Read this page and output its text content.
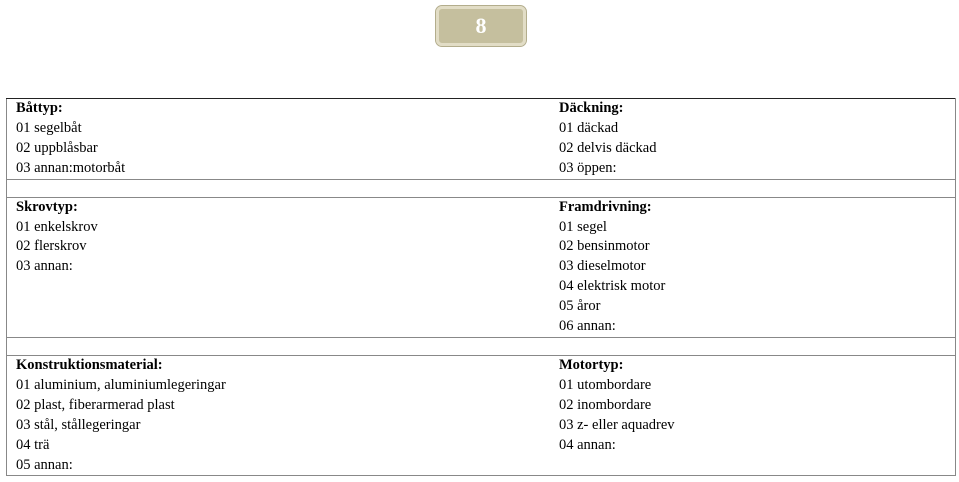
8
Båttyp:	Däckning:
01 segelbåt	01 däckad
02 uppblåsbar	02 delvis däckad
03 annan:motorbåt	03 öppen:

Skrovtyp:	Framdrivning:
01 enkelskrov	01 segel
02 flerskrov	02 bensinmotor
03 annan:	03 dieselmotor
	04 elektrisk motor
	05 åror
	06 annan:

Konstruktionsmaterial:	Motortyp:
01 aluminium, aluminiumlegeringar	01 utombordare
02 plast, fiberarmerad plast	02 inombordare
03 stål, stållegeringar	03 z- eller aquadrev
04 trä	04 annan:
05 annan:	
